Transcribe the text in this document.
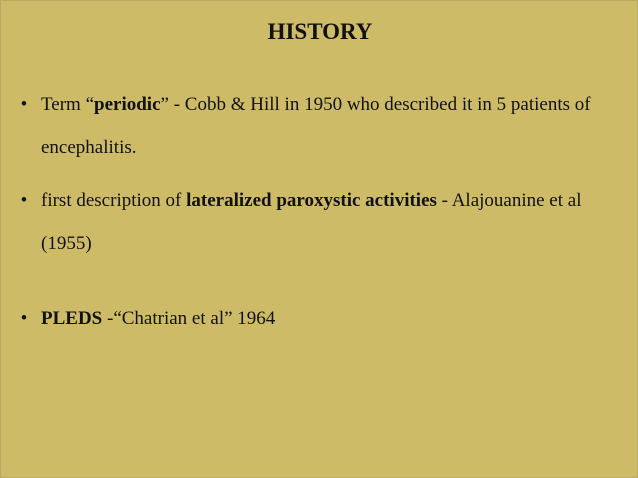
HISTORY
• Term “periodic” - Cobb & Hill in 1950 who described it in 5 patients of encephalitis.
• first description of lateralized paroxystic activities - Alajouanine et al (1955)
• PLEDS -“Chatrian et al” 1964
